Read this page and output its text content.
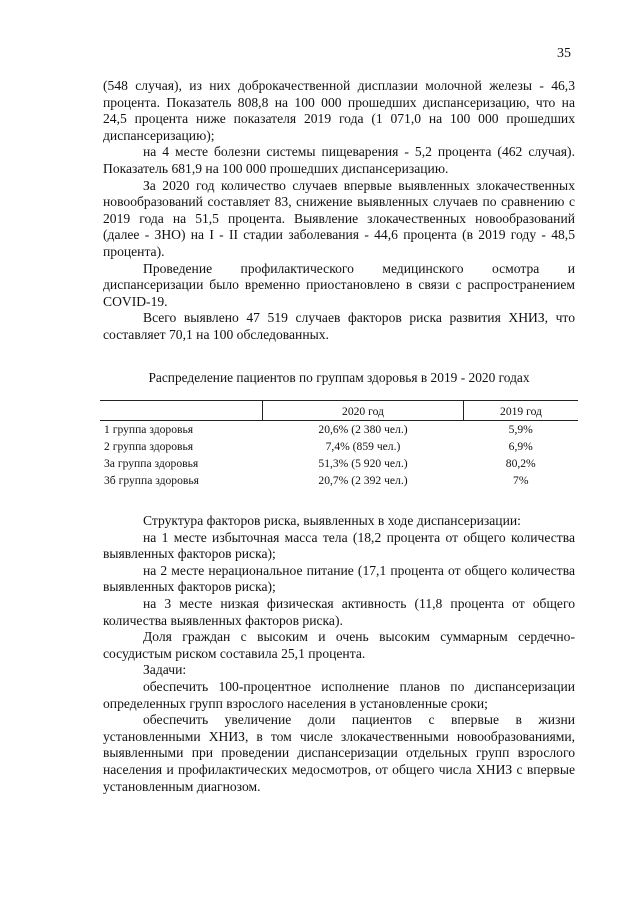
35

(548 случая), из них доброкачественной дисплазии молочной железы - 46,3 процента. Показатель 808,8 на 100 000 прошедших диспансеризацию, что на 24,5 процента ниже показателя 2019 года (1 071,0 на 100 000 прошедших диспансеризацию);

на 4 месте болезни системы пищеварения - 5,2 процента (462 случая). Показатель 681,9 на 100 000 прошедших диспансеризацию.

За 2020 год количество случаев впервые выявленных злокачественных новообразований составляет 83, снижение выявленных случаев по сравнению с 2019 года на 51,5 процента. Выявление злокачественных новообразований (далее - ЗНО) на I - II стадии заболевания - 44,6 процента (в 2019 году - 48,5 процента).

Проведение профилактического медицинского осмотра и диспансеризации было временно приостановлено в связи с распространением COVID-19.

Всего выявлено 47 519 случаев факторов риска развития ХНИЗ, что составляет 70,1 на 100 обследованных.

Распределение пациентов по группам здоровья в 2019 - 2020 годах
	2020 год	2019 год
1 группа здоровья	20,6% (2 380 чел.)	5,9%
2 группа здоровья	7,4% (859 чел.)	6,9%
3а группа здоровья	51,3% (5 920 чел.)	80,2%
3б группа здоровья	20,7% (2 392 чел.)	7%

Структура факторов риска, выявленных в ходе диспансеризации:

на 1 месте избыточная масса тела (18,2 процента от общего количества выявленных факторов риска);

на 2 месте нерациональное питание (17,1 процента от общего количества выявленных факторов риска);

на 3 месте низкая физическая активность (11,8 процента от общего количества выявленных факторов риска).

Доля граждан с высоким и очень высоким суммарным сердечно-сосудистым риском составила 25,1 процента.

Задачи:

обеспечить 100-процентное исполнение планов по диспансеризации определенных групп взрослого населения в установленные сроки;

обеспечить увеличение доли пациентов с впервые в жизни установленными ХНИЗ, в том числе злокачественными новообразованиями, выявленными при проведении диспансеризации отдельных групп взрослого населения и профилактических медосмотров, от общего числа ХНИЗ с впервые установленным диагнозом.
